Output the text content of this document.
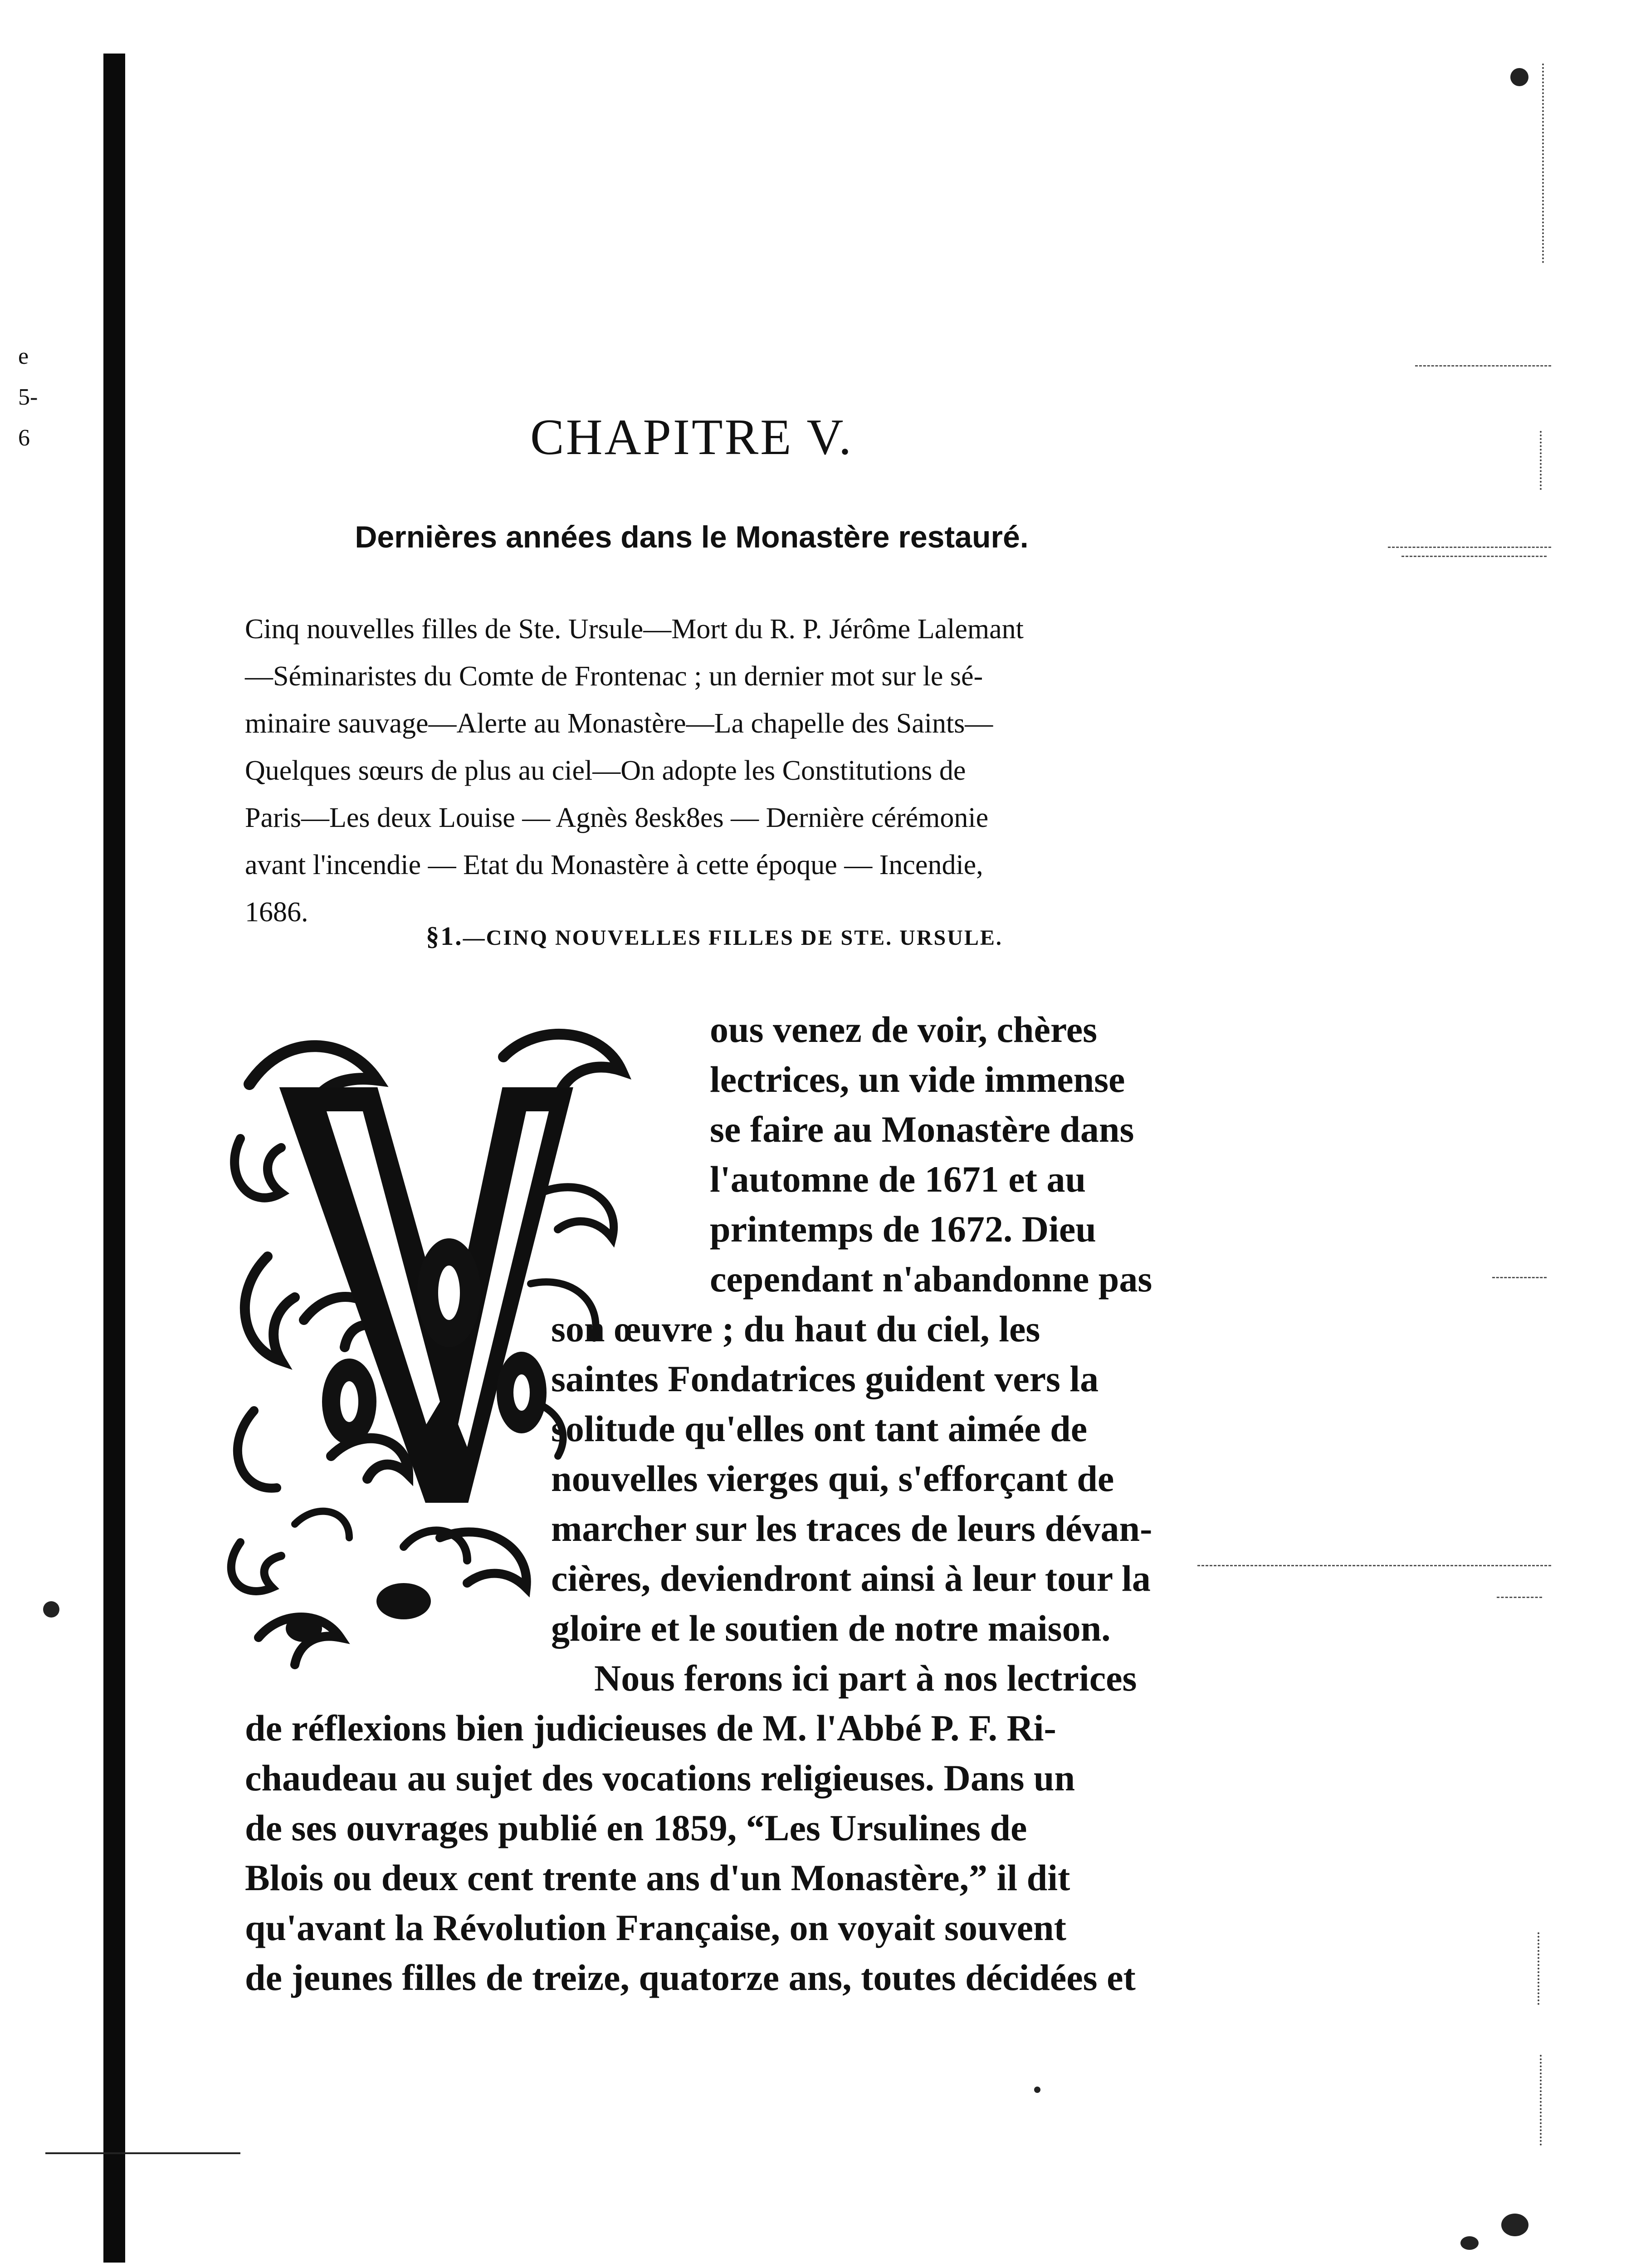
e
5-
6	CHAPITRE V.
Dernières années dans le Monastère restauré.
Cinq nouvelles filles de Ste. Ursule—Mort du R. P. Jérôme Lalemant
—Séminaristes du Comte de Frontenac ; un dernier mot sur le sé-
minaire sauvage—Alerte au Monastère—La chapelle des Saints—
Quelques sœurs de plus au ciel—On adopte les Constitutions de
Paris—Les deux Louise — Agnès 8esk8es — Dernière cérémonie
avant l'incendie — Etat du Monastère à cette époque — Incendie,
1686.
§1.—CINQ NOUVELLES FILLES DE STE. URSULE.
ous venez de voir, chères
lectrices, un vide immense
se faire au Monastère dans
l'automne de 1671 et au
printemps de 1672. Dieu
cependant n'abandonne pas
son œuvre ; du haut du ciel, les
saintes Fondatrices guident vers la
solitude qu'elles ont tant aimée de
nouvelles vierges qui, s'efforçant de
marcher sur les traces de leurs dévan-
cières, deviendront ainsi à leur tour la
gloire et le soutien de notre maison.
Nous ferons ici part à nos lectrices
de réflexions bien judicieuses de M. l'Abbé P. F. Ri-
chaudeau au sujet des vocations religieuses. Dans un
de ses ouvrages publié en 1859, “Les Ursulines de
Blois ou deux cent trente ans d'un Monastère,” il dit
qu'avant la Révolution Française, on voyait souvent
de jeunes filles de treize, quatorze ans, toutes décidées et
